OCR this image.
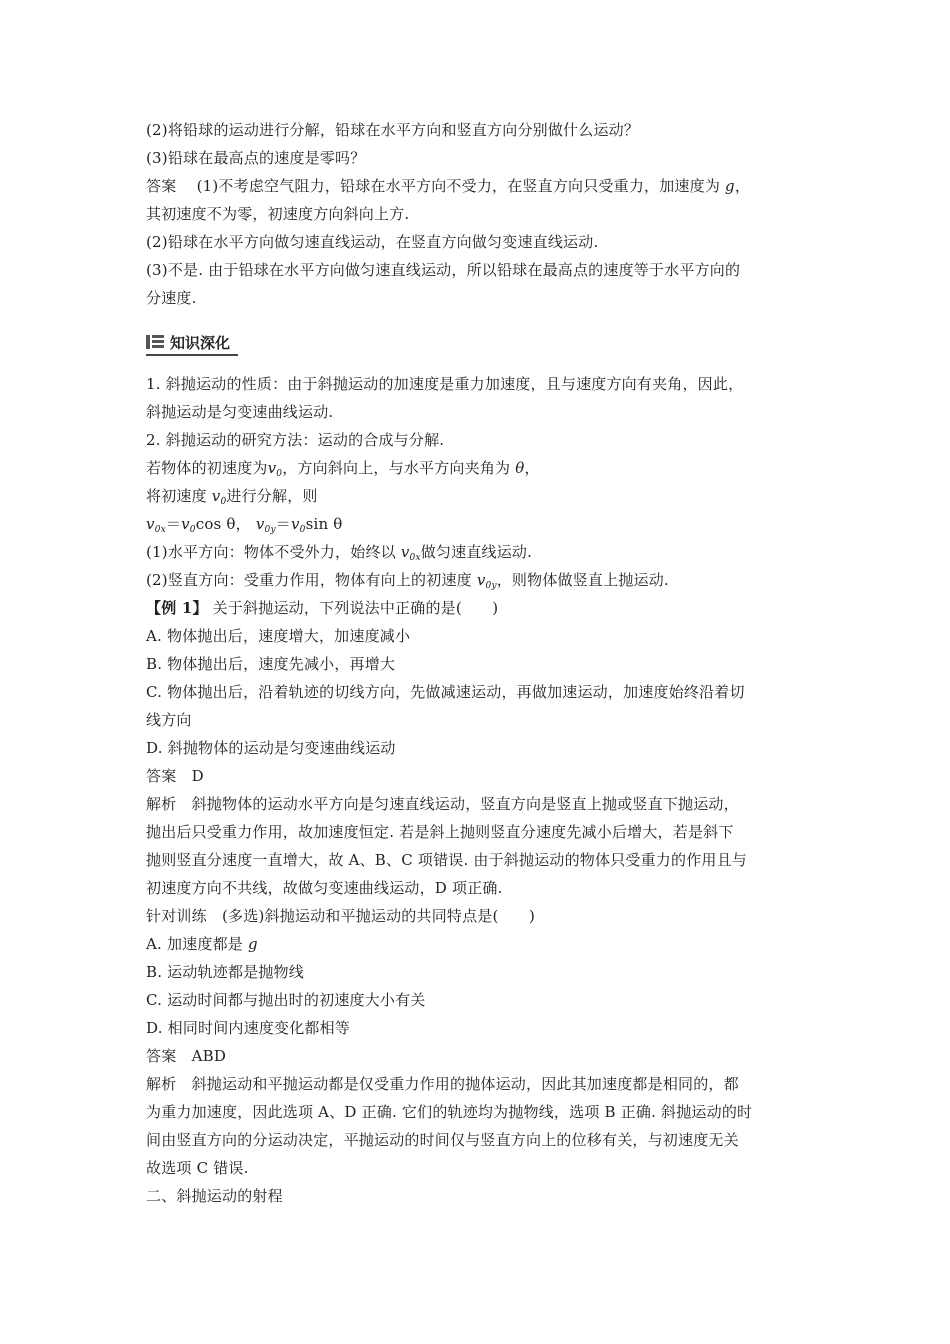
(2)将铅球的运动进行分解，铅球在水平方向和竖直方向分别做什么运动？
(3)铅球在最高点的速度是零吗？
答案　 (1)不考虑空气阻力，铅球在水平方向不受力，在竖直方向只受重力，加速度为 g，
其初速度不为零，初速度方向斜向上方.
(2)铅球在水平方向做匀速直线运动，在竖直方向做匀变速直线运动.
(3)不是. 由于铅球在水平方向做匀速直线运动，所以铅球在最高点的速度等于水平方向的
分速度.
知识深化
1. 斜抛运动的性质：由于斜抛运动的加速度是重力加速度，且与速度方向有夹角，因此，
斜抛运动是匀变速曲线运动.
2. 斜抛运动的研究方法：运动的合成与分解.
若物体的初速度为$v_0$，方向斜向上，与水平方向夹角为 θ，
将初速度 $v_0$进行分解，则
$v_{0x}=v_0\cos$ θ， $v_{0y}=v_0\sin$ θ
(1)水平方向：物体不受外力，始终以 $v_{0x}$做匀速直线运动.
(2)竖直方向：受重力作用，物体有向上的初速度 $v_{0y}$，则物体做竖直上抛运动.
【例 1】 关于斜抛运动，下列说法中正确的是(　　)
A. 物体抛出后，速度增大，加速度减小
B. 物体抛出后，速度先减小，再增大
C. 物体抛出后，沿着轨迹的切线方向，先做减速运动，再做加速运动，加速度始终沿着切
线方向
D. 斜抛物体的运动是匀变速曲线运动
答案　 D
解析　 斜抛物体的运动水平方向是匀速直线运动，竖直方向是竖直上抛或竖直下抛运动，
抛出后只受重力作用，故加速度恒定. 若是斜上抛则竖直分速度先减小后增大，若是斜下
抛则竖直分速度一直增大，故 A、B、C 项错误. 由于斜抛运动的物体只受重力的作用且与
初速度方向不共线，故做匀变速曲线运动，D 项正确.
针对训练　(多选)斜抛运动和平抛运动的共同特点是(　　)
A. 加速度都是 g
B. 运动轨迹都是抛物线
C. 运动时间都与抛出时的初速度大小有关
D. 相同时间内速度变化都相等
答案　 ABD
解析　 斜抛运动和平抛运动都是仅受重力作用的抛体运动，因此其加速度都是相同的，都
为重力加速度，因此选项 A、D 正确. 它们的轨迹均为抛物线，选项 B 正确. 斜抛运动的时
间由竖直方向的分运动决定，平抛运动的时间仅与竖直方向上的位移有关，与初速度无关
故选项 C 错误.
二、斜抛运动的射程
